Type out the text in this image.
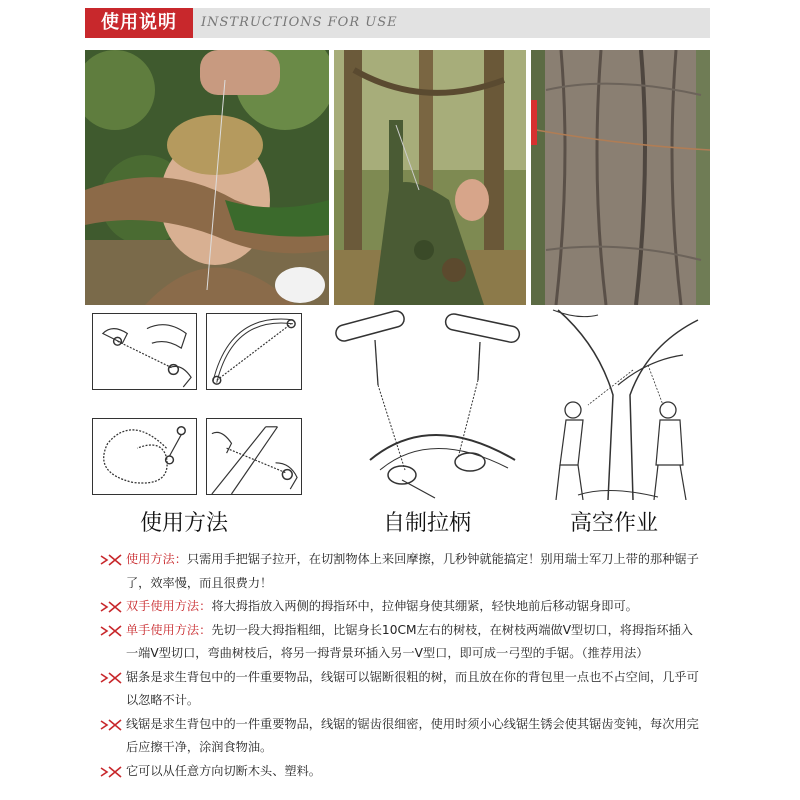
使用说明	INSTRUCTIONS FOR USE
使用方法	自制拉柄	高空作业
使用方法：只需用手把锯子拉开，在切割物体上来回摩擦，几秒钟就能搞定！别用瑞士军刀上带的那种锯子了，效率慢，而且很费力！
双手使用方法：将大拇指放入两侧的拇指环中，拉伸锯身使其绷紧，轻快地前后移动锯身即可。
单手使用方法：先切一段大拇指粗细，比锯身长10CM左右的树枝，在树枝两端做V型切口，将拇指环插入一端V型切口，弯曲树枝后，将另一拇背景环插入另一V型口，即可成一弓型的手锯。（推荐用法）
锯条是求生背包中的一件重要物品，线锯可以锯断很粗的树，而且放在你的背包里一点也不占空间，几乎可以忽略不计。
线锯是求生背包中的一件重要物品，线锯的锯齿很细密，使用时须小心线锯生锈会使其锯齿变钝，每次用完后应擦干净，涂润食物油。
它可以从任意方向切断木头、塑料。
